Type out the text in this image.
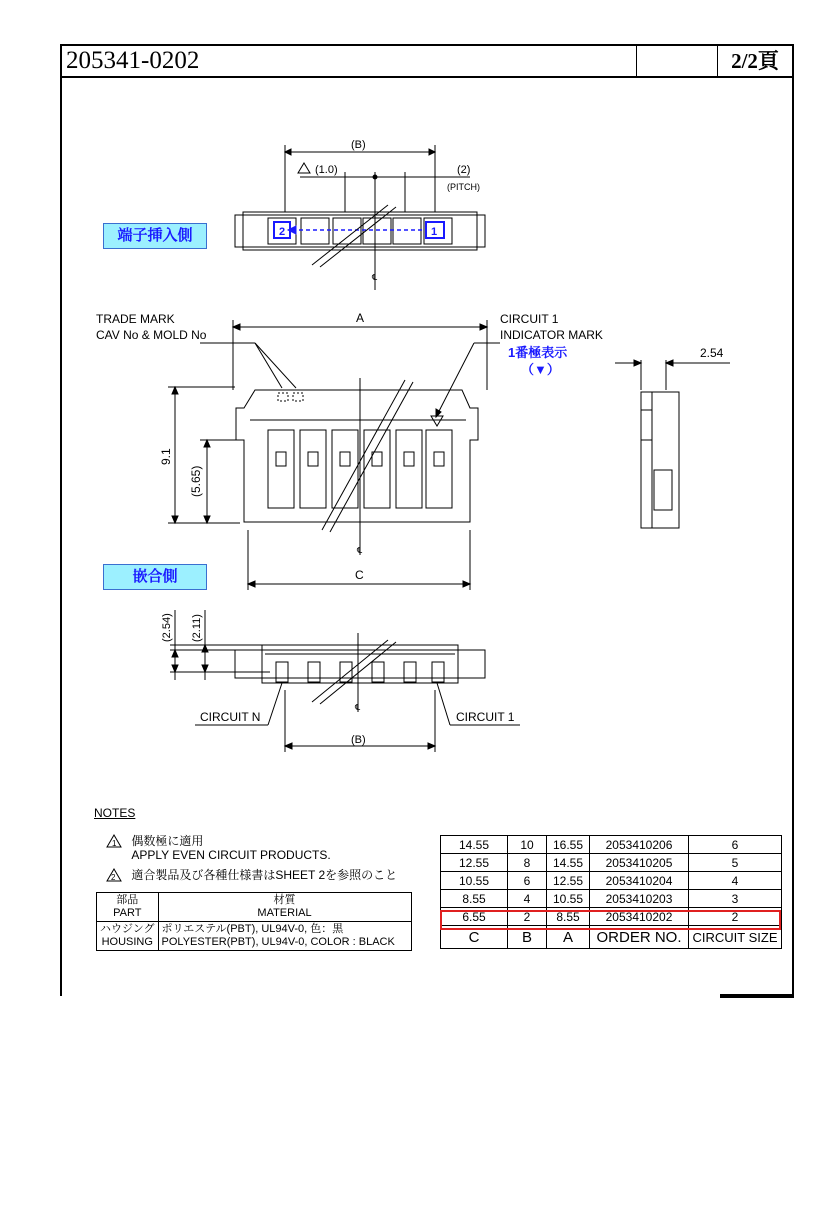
205341-0202	2/2頁
(B)
(1.0)	(2)
(PITCH)
2	1
℄
TRADE MARK
CAV No & MOLD No
A	CIRCUIT 1
INDICATOR MARK
1番極表示
（▼）
2.54
9.1
(5.65)
℄
C
(2.54) (2.11)
℄
CIRCUIT N	CIRCUIT 1
(B)
端子挿入側
嵌合側
NOTES
1 偶数極に適用
APPLY EVEN CIRCUIT PRODUCTS.
2 適合製品及び各種仕様書はSHEET 2を参照のこと
部品
PART	材質
MATERIAL
ハウジング
HOUSING	ポリエステル(PBT), UL94V-0, 色：黒
POLYESTER(PBT), UL94V-0, COLOR : BLACK
14.55	10	16.55	2053410206	6
12.55	8	14.55	2053410205	5
10.55	6	12.55	2053410204	4
8.55	4	10.55	2053410203	3
6.55	2	8.55	2053410202	2
C	B	A	ORDER NO.	CIRCUIT SIZE
